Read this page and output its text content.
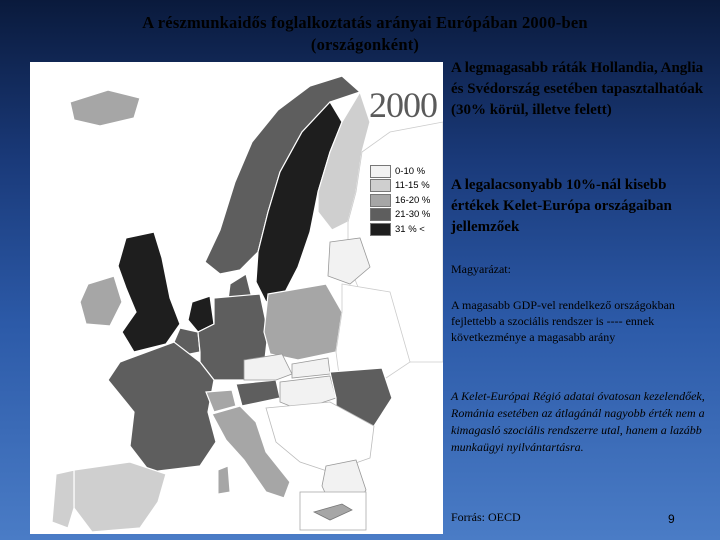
A részmunkaidős foglalkoztatás arányai Európában 2000-ben
(országonként)
2000
0-10 %
11-15 %
16-20 %
21-30 %
31 % <
A legmagasabb ráták Hollandia, Anglia és Svédország esetében tapasztalhatóak (30% körül, illetve felett)
A legalacsonyabb 10%-nál kisebb értékek Kelet-Európa országaiban jellemzőek
Magyarázat:
A magasabb GDP-vel rendelkező országokban fejlettebb a szociális rendszer is ---- ennek következménye a magasabb arány
A Kelet-Európai Régió adatai óvatosan kezelendőek, Románia esetében az átlagánál nagyobb érték nem a kimagasló szociális rendszerre utal, hanem a lazább munkaügyi nyilvántartásra.
Forrás: OECD	9
